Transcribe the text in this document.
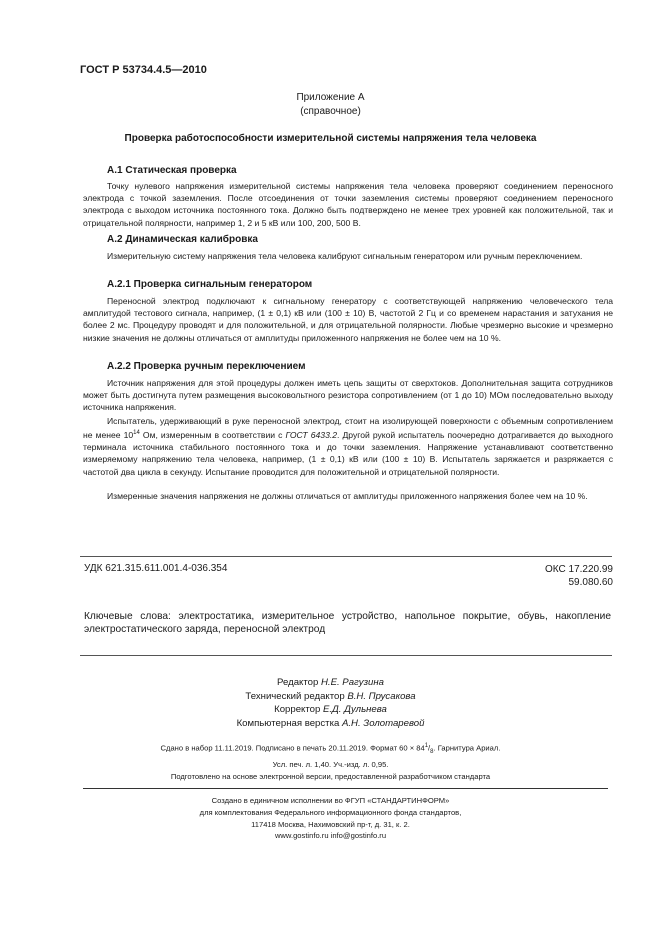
ГОСТ Р 53734.4.5—2010
Приложение А
(справочное)
Проверка работоспособности измерительной системы напряжения тела человека
А.1 Статическая проверка

Точку нулевого напряжения измерительной системы напряжения тела человека проверяют соединением переносного электрода с точкой заземления. После отсоединения от точки заземления системы проверяют соединением переносного электрода с выходом источника постоянного тока. Должно быть подтверждено не менее трех уровней как положительной, так и отрицательной полярности, например 1, 2 и 5 кВ или 100, 200, 500 В.

А.2 Динамическая калибровка

Измерительную систему напряжения тела человека калибруют сигнальным генератором или ручным переключением.

А.2.1 Проверка сигнальным генератором

Переносной электрод подключают к сигнальному генератору с соответствующей напряжению человеческого тела амплитудой тестового сигнала, например, (1 ± 0,1) кВ или (100 ± 10) В, частотой 2 Гц и со временем нарастания и затухания не более 2 мс. Процедуру проводят и для положительной, и для отрицательной полярности. Любые чрезмерно высокие и чрезмерно низкие значения не должны отличаться от амплитуды приложенного напряжения не более чем на 10 %.

А.2.2 Проверка ручным переключением

Источник напряжения для этой процедуры должен иметь цепь защиты от сверхтоков. Дополнительная защита сотрудников может быть достигнута путем размещения высоковольтного резистора сопротивлением (от 1 до 10) МОм последовательно выходу источника напряжения.

Испытатель, удерживающий в руке переносной электрод, стоит на изолирующей поверхности с объемным сопротивлением не менее $10^{14}$ Ом, измеренным в соответствии с ГОСТ 6433.2. Другой рукой испытатель поочередно дотрагивается до выходного терминала источника стабильного постоянного тока и до точки заземления. Напряжение устанавливают соответственно измеряемому напряжению тела человека, например, (1 ± 0,1) кВ или (100 ± 10) В. Испытатель заряжается и разряжается с частотой два цикла в секунду. Испытание проводится для положительной и отрицательной полярности.

Измеренные значения напряжения не должны отличаться от амплитуды приложенного напряжения более чем на 10 %.

УДК 621.315.611.001.4-036.354	ОКС 17.220.99
59.080.60

Ключевые слова: электростатика, измерительное устройство, напольное покрытие, обувь, накопление электростатического заряда, переносной электрод

Редактор Н.Е. Рагузина
Технический редактор В.Н. Прусакова
Корректор Е.Д. Дульнева
Компьютерная верстка А.Н. Золотаревой
Сдано в набор 11.11.2019. Подписано в печать 20.11.2019. Формат $60 \times 84^1/_8$. Гарнитура Ариал.
Усл. печ. л. 1,40. Уч.-изд. л. 0,95.
Подготовлено на основе электронной версии, предоставленной разработчиком стандарта
Создано в единичном исполнении во ФГУП «СТАНДАРТИНФОРМ»
для комплектования Федерального информационного фонда стандартов,
117418 Москва, Нахимовский пр-т, д. 31, к. 2.
www.gostinfo.ru info@gostinfo.ru
